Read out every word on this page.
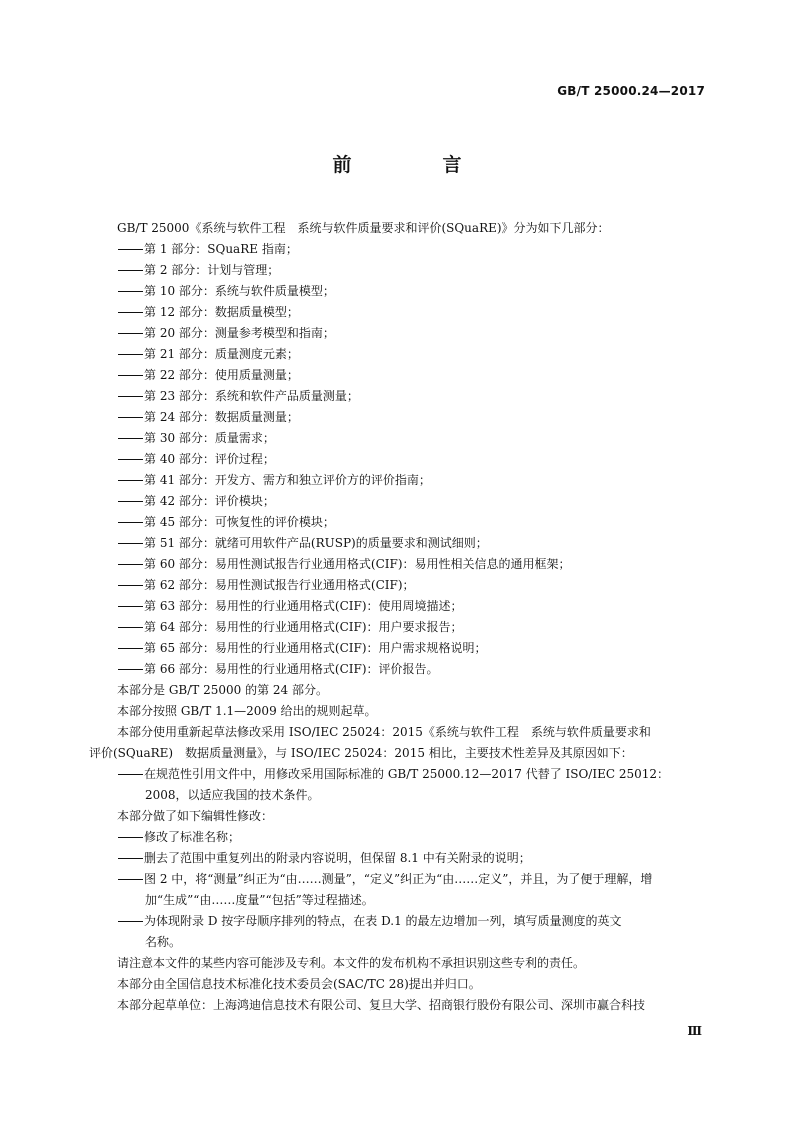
GB/T 25000.24—2017
前　言
GB/T 25000《系统与软件工程　系统与软件质量要求和评价(SQuaRE)》分为如下几部分：
第 1 部分：SQuaRE 指南；
第 2 部分：计划与管理；
第 10 部分：系统与软件质量模型；
第 12 部分：数据质量模型；
第 20 部分：测量参考模型和指南；
第 21 部分：质量测度元素；
第 22 部分：使用质量测量；
第 23 部分：系统和软件产品质量测量；
第 24 部分：数据质量测量；
第 30 部分：质量需求；
第 40 部分：评价过程；
第 41 部分：开发方、需方和独立评价方的评价指南；
第 42 部分：评价模块；
第 45 部分：可恢复性的评价模块；
第 51 部分：就绪可用软件产品(RUSP)的质量要求和测试细则；
第 60 部分：易用性测试报告行业通用格式(CIF)：易用性相关信息的通用框架；
第 62 部分：易用性测试报告行业通用格式(CIF)；
第 63 部分：易用性的行业通用格式(CIF)：使用周境描述；
第 64 部分：易用性的行业通用格式(CIF)：用户要求报告；
第 65 部分：易用性的行业通用格式(CIF)：用户需求规格说明；
第 66 部分：易用性的行业通用格式(CIF)：评价报告。
本部分是 GB/T 25000 的第 24 部分。
本部分按照 GB/T 1.1—2009 给出的规则起草。
本部分使用重新起草法修改采用 ISO/IEC 25024：2015《系统与软件工程　系统与软件质量要求和
评价(SQuaRE)　数据质量测量》，与 ISO/IEC 25024：2015 相比，主要技术性差异及其原因如下：
在规范性引用文件中，用修改采用国际标准的 GB/T 25000.12—2017 代替了 ISO/IEC 25012：
2008，以适应我国的技术条件。
本部分做了如下编辑性修改：
修改了标准名称；
删去了范围中重复列出的附录内容说明，但保留 8.1 中有关附录的说明；
图 2 中，将“测量”纠正为“由……测量”，“定义”纠正为“由……定义”，并且，为了便于理解，增
加“生成”“由……度量”“包括”等过程描述。
为体现附录 D 按字母顺序排列的特点，在表 D.1 的最左边增加一列，填写质量测度的英文
名称。
请注意本文件的某些内容可能涉及专利。本文件的发布机构不承担识别这些专利的责任。
本部分由全国信息技术标准化技术委员会(SAC/TC 28)提出并归口。
本部分起草单位：上海鸿迪信息技术有限公司、复旦大学、招商银行股份有限公司、深圳市赢合科技
Ⅲ
